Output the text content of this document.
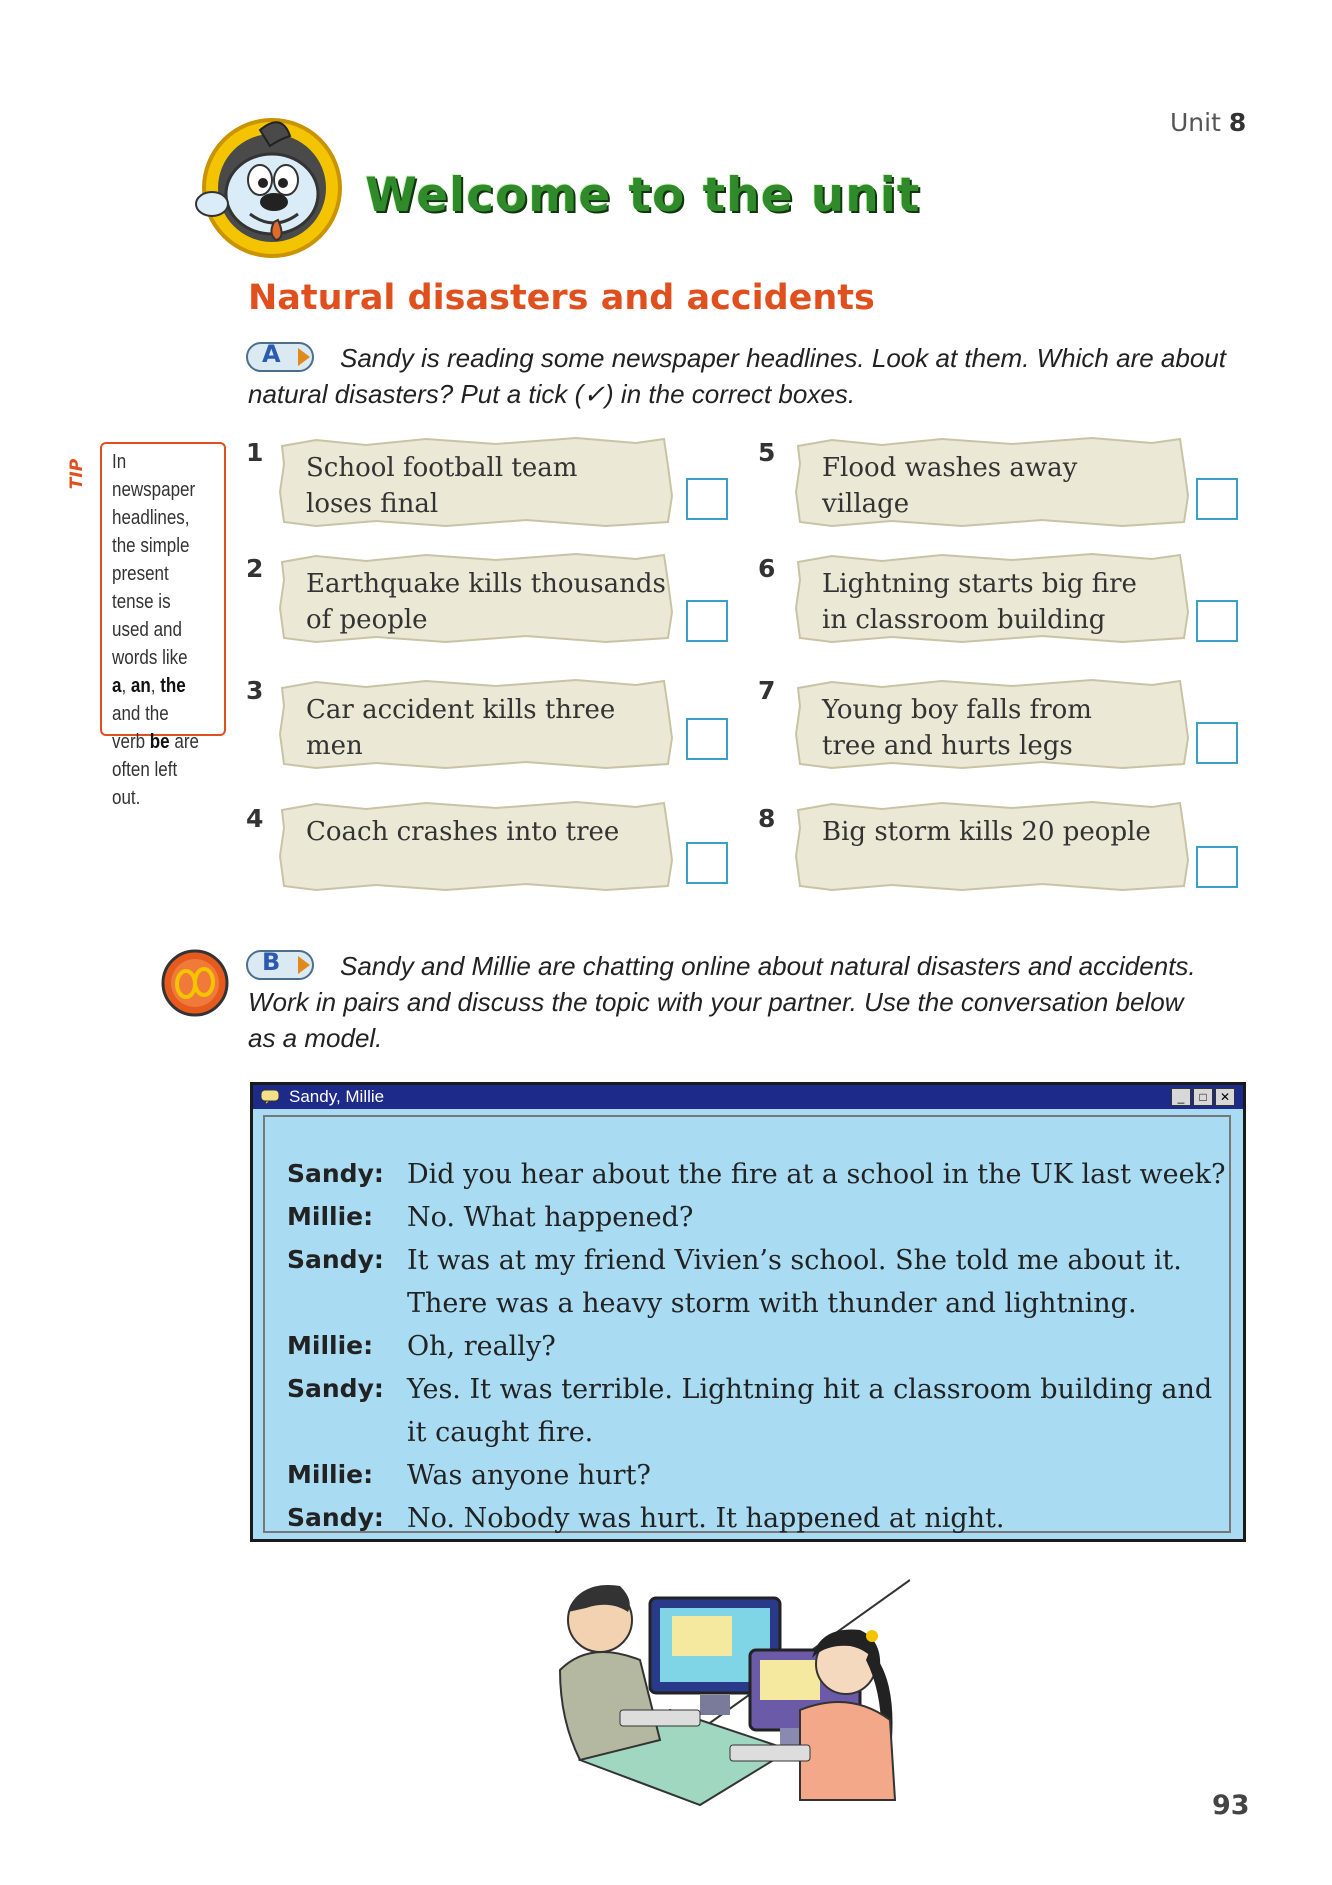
Unit 8
Welcome to the unit
Natural disasters and accidents
A Sandy is reading some newspaper headlines. Look at them. Which are about
natural disasters? Put a tick (✓) in the correct boxes.
TIP In newspaper headlines, the simple present tense is used and words like a, an, the and the verb be are often left out.
1
School football team
loses final
2
Earthquake kills thousands
of people
3
Car accident kills three
men
4 Coach crashes into tree
5
Flood washes away
village
6
Lightning starts big fire
in classroom building
7
Young boy falls from
tree and hurts legs
8 Big storm kills 20 people
B Sandy and Millie are chatting online about natural disasters and accidents.
Work in pairs and discuss the topic with your partner. Use the conversation below
as a model.
Sandy, Millie	_	□	✕
Sandy: Did you hear about the fire at a school in the UK last week?
Millie: No. What happened?
Sandy: It was at my friend Vivien’s school. She told me about it.
There was a heavy storm with thunder and lightning.
Millie: Oh, really?
Sandy: Yes. It was terrible. Lightning hit a classroom building and
it caught fire.
Millie: Was anyone hurt?
Sandy: No. Nobody was hurt. It happened at night.
93
